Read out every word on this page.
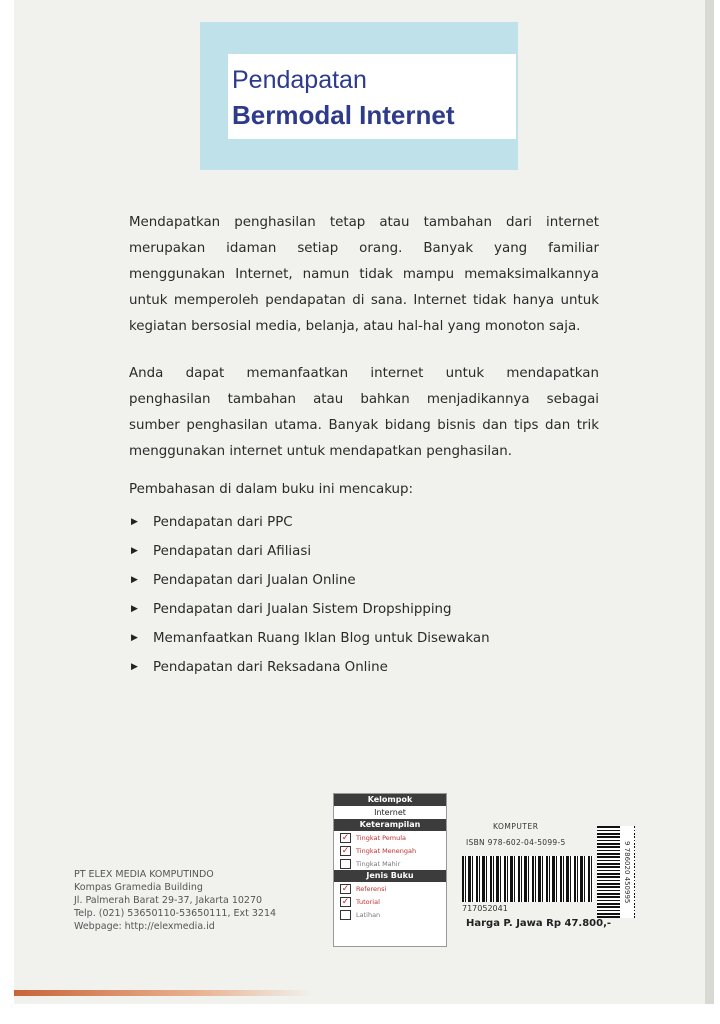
Pendapatan
Bermodal Internet
Mendapatkan penghasilan tetap atau tambahan dari internet
merupakan idaman setiap orang. Banyak yang familiar
menggunakan Internet, namun tidak mampu memaksimalkannya
untuk memperoleh pendapatan di sana. Internet tidak hanya untuk
kegiatan bersosial media, belanja, atau hal-hal yang monoton saja.
Anda dapat memanfaatkan internet untuk mendapatkan
penghasilan tambahan atau bahkan menjadikannya sebagai
sumber penghasilan utama. Banyak bidang bisnis dan tips dan trik
menggunakan internet untuk mendapatkan penghasilan.
Pembahasan di dalam buku ini mencakup:
▶ Pendapatan dari PPC
▶ Pendapatan dari Afiliasi
▶ Pendapatan dari Jualan Online
▶ Pendapatan dari Jualan Sistem Dropshipping
▶ Memanfaatkan Ruang Iklan Blog untuk Disewakan
▶ Pendapatan dari Reksadana Online
PT ELEX MEDIA KOMPUTINDO
Kompas Gramedia Building
Jl. Palmerah Barat 29-37, Jakarta 10270
Telp. (021) 53650110-53650111, Ext 3214
Webpage: http://elexmedia.id
Kelompok
Internet
Keterampilan
✓ Tingkat Pemula
✓ Tingkat Menengah
Tingkat Mahir
Jenis Buku
✓ Referensi
✓ Tutorial
Latihan
KOMPUTER
ISBN 978-602-04-5099-5
717052041
9 786020 450995
Harga P. Jawa Rp 47.800,-
